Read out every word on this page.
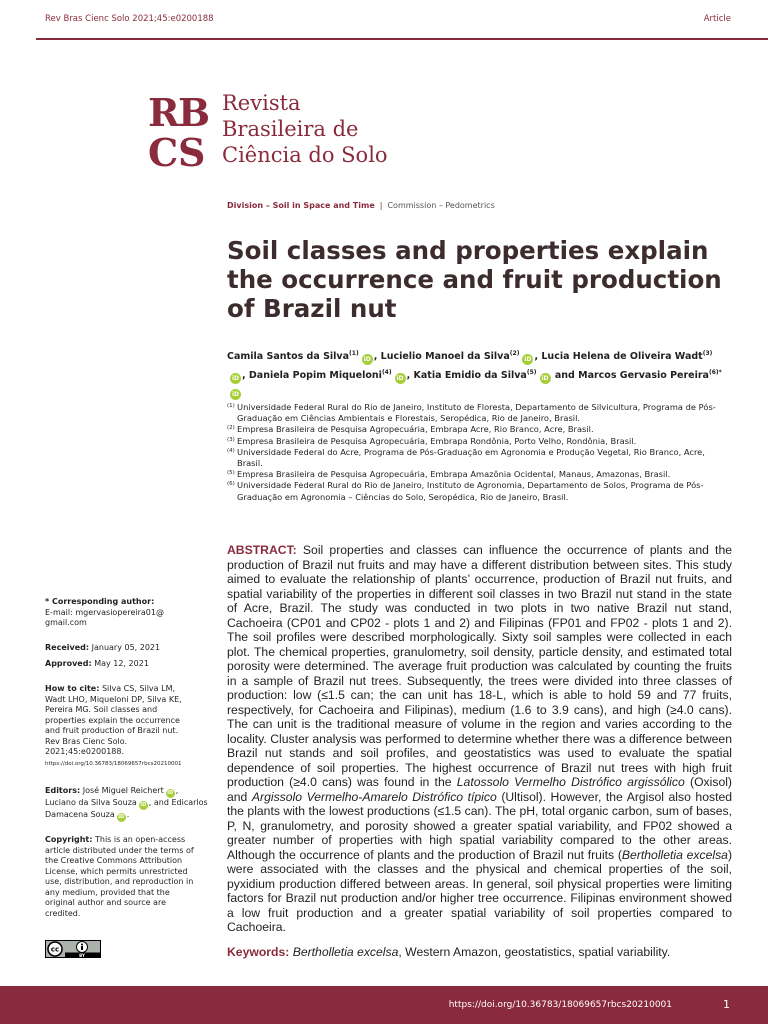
Rev Bras Cienc Solo 2021;45:e0200188	Article
R
B
C S
Revista
Brasileira de
Ciência do Solo
Division – Soil in Space and Time | Commission – Pedometrics
Soil classes and properties explain the occurrence and fruit production of Brazil nut
Camila Santos da Silva$^{(1)}$iD , Lucielio Manoel da Silva$^{(2)}$iD , Lucia Helena de Oliveira Wadt$^{(3)}$iD , Daniela Popim Miqueloni$^{(4)}$iD , Katia Emidio da Silva$^{(5)}$iD and Marcos Gervasio Pereira$^{(6)*}$iD
(1) Universidade Federal Rural do Rio de Janeiro, Instituto de Floresta, Departamento de Silvicultura, Programa de Pós-Graduação em Ciências Ambientais e Florestais, Seropédica, Rio de Janeiro, Brasil.
(2) Empresa Brasileira de Pesquisa Agropecuária, Embrapa Acre, Rio Branco, Acre, Brasil.
(3) Empresa Brasileira de Pesquisa Agropecuária, Embrapa Rondônia, Porto Velho, Rondônia, Brasil.
(4) Universidade Federal do Acre, Programa de Pós-Graduação em Agronomia e Produção Vegetal, Rio Branco, Acre, Brasil.
(5) Empresa Brasileira de Pesquisa Agropecuária, Embrapa Amazônia Ocidental, Manaus, Amazonas, Brasil.
(6) Universidade Federal Rural do Rio de Janeiro, Instituto de Agronomia, Departamento de Solos, Programa de Pós-Graduação em Agronomia – Ciências do Solo, Seropédica, Rio de Janeiro, Brasil.
ABSTRACT: Soil properties and classes can influence the occurrence of plants and the production of Brazil nut fruits and may have a different distribution between sites. This study aimed to evaluate the relationship of plants’ occurrence, production of Brazil nut fruits, and spatial variability of the properties in different soil classes in two Brazil nut stand in the state of Acre, Brazil. The study was conducted in two plots in two native Brazil nut stand, Cachoeira (CP01 and CP02 - plots 1 and 2) and Filipinas (FP01 and FP02 - plots 1 and 2). The soil profiles were described morphologically. Sixty soil samples were collected in each plot. The chemical properties, granulometry, soil density, particle density, and estimated total porosity were determined. The average fruit production was calculated by counting the fruits in a sample of Brazil nut trees. Subsequently, the trees were divided into three classes of production: low (≤1.5 can; the can unit has 18-L, which is able to hold 59 and 77 fruits, respectively, for Cachoeira and Filipinas), medium (1.6 to 3.9 cans), and high (≥4.0 cans). The can unit is the traditional measure of volume in the region and varies according to the locality. Cluster analysis was performed to determine whether there was a difference between Brazil nut stands and soil profiles, and geostatistics was used to evaluate the spatial dependence of soil properties. The highest occurrence of Brazil nut trees with high fruit production (≥4.0 cans) was found in the Latossolo Vermelho Distrófico argissólico (Oxisol) and Argissolo Vermelho-Amarelo Distrófico típico (Ultisol). However, the Argisol also hosted the plants with the lowest productions (≤1.5 can). The pH, total organic carbon, sum of bases, P, N, granulometry, and porosity showed a greater spatial variability, and FP02 showed a greater number of properties with high spatial variability compared to the other areas. Although the occurrence of plants and the production of Brazil nut fruits (Bertholletia excelsa) were associated with the classes and the physical and chemical properties of the soil, pyxidium production differed between areas. In general, soil physical properties were limiting factors for Brazil nut production and/or higher tree occurrence. Filipinas environment showed a low fruit production and a greater spatial variability of soil properties compared to Cachoeira.
Keywords: Bertholletia excelsa, Western Amazon, geostatistics, spatial variability.
* Corresponding author:
E-mail: mgervasiopereira01@ gmail.com
Received: January 05, 2021
Approved: May 12, 2021
How to cite: Silva CS, Silva LM, Wadt LHO, Miqueloni DP, Silva KE, Pereira MG. Soil classes and properties explain the occurrence and fruit production of Brazil nut. Rev Bras Cienc Solo. 2021;45:e0200188.
https://doi.org/10.36783/18069657rbcs20210001
Editors: José Miguel Reichert iD , Luciano da Silva Souza iD , and Edicarlos Damacena Souza iD .
Copyright: This is an open-access article distributed under the terms of the Creative Commons Attribution License, which permits unrestricted use, distribution, and reproduction in any medium, provided that the original author and source are credited.
cc
BY
https://doi.org/10.36783/18069657rbcs20210001	1
